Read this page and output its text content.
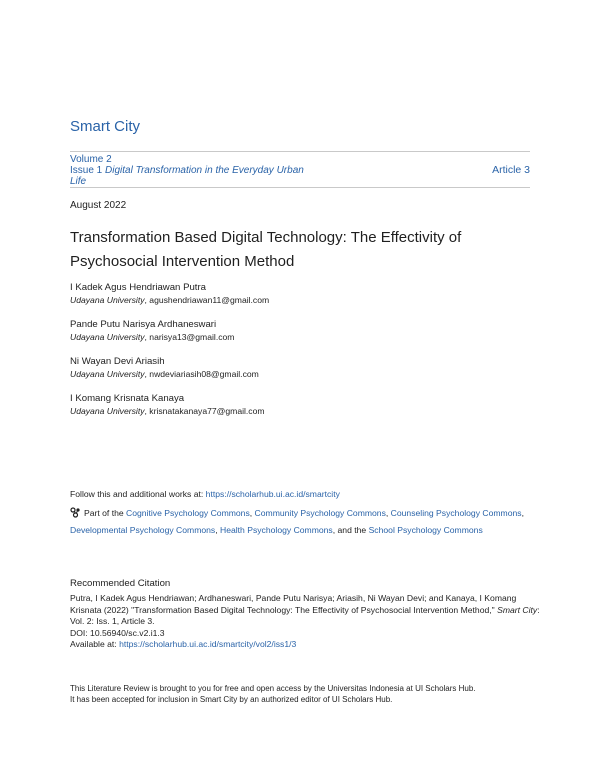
Smart City
Volume 2
Issue 1 Digital Transformation in the Everyday Urban Life
Article 3
August 2022
Transformation Based Digital Technology: The Effectivity of Psychosocial Intervention Method
I Kadek Agus Hendriawan Putra
Udayana University, agushendriawan11@gmail.com
Pande Putu Narisya Ardhaneswari
Udayana University, narisya13@gmail.com
Ni Wayan Devi Ariasih
Udayana University, nwdeviariasih08@gmail.com
I Komang Krisnata Kanaya
Udayana University, krisnatakanaya77@gmail.com
Follow this and additional works at: https://scholarhub.ui.ac.id/smartcity
Part of the Cognitive Psychology Commons, Community Psychology Commons, Counseling Psychology Commons, Developmental Psychology Commons, Health Psychology Commons, and the School Psychology Commons
Recommended Citation
Putra, I Kadek Agus Hendriawan; Ardhaneswari, Pande Putu Narisya; Ariasih, Ni Wayan Devi; and Kanaya, I Komang Krisnata (2022) "Transformation Based Digital Technology: The Effectivity of Psychosocial Intervention Method," Smart City: Vol. 2: Iss. 1, Article 3.
DOI: 10.56940/sc.v2.i1.3
Available at: https://scholarhub.ui.ac.id/smartcity/vol2/iss1/3
This Literature Review is brought to you for free and open access by the Universitas Indonesia at UI Scholars Hub.
It has been accepted for inclusion in Smart City by an authorized editor of UI Scholars Hub.
